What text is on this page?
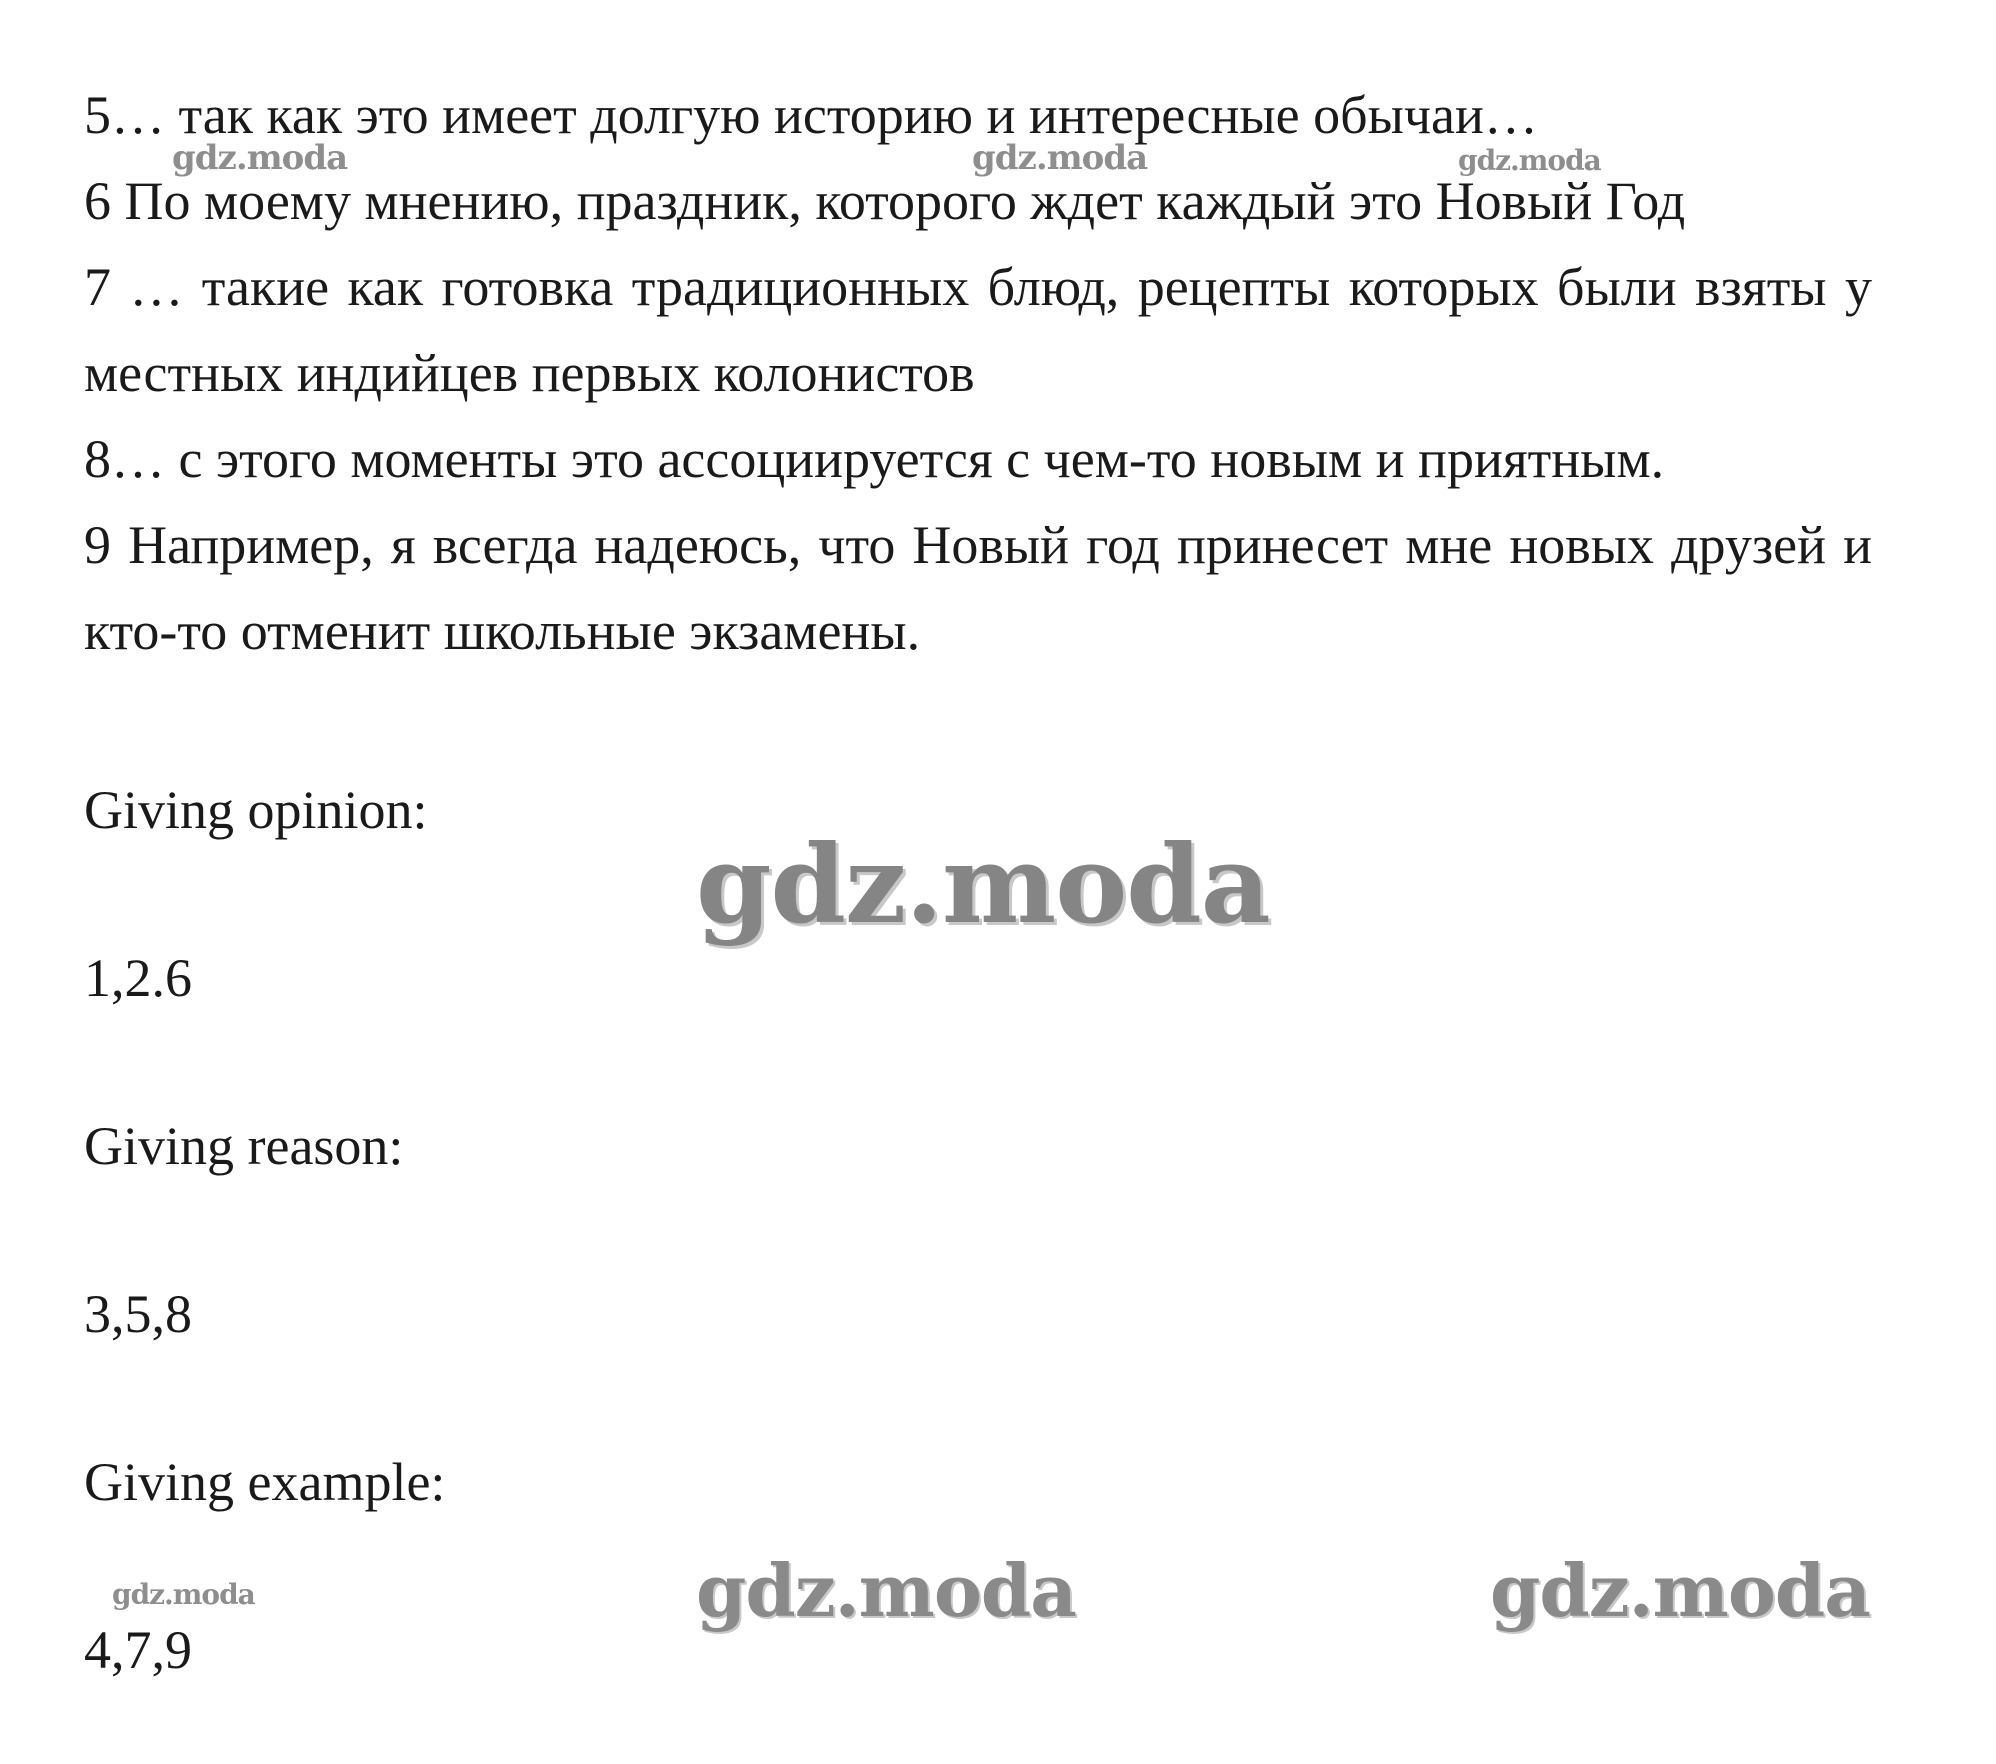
5… так как это имеет долгую историю и интересные обычаи…

6 По моему мнению, праздник, которого ждет каждый это Новый Год

7 … такие как готовка традиционных блюд, рецепты которых были взяты у местных индийцев первых колонистов

8… с этого моменты это ассоциируется с чем-то новым и приятным.

9 Например, я всегда надеюсь, что Новый год принесет мне новых друзей и кто-то отменит школьные экзамены.

Giving opinion:

1,2.6

Giving reason:

3,5,8

Giving example:

4,7,9

gdz.moda	gdz.moda	gdz.moda
gdz.moda
gdz.moda	gdz.moda	gdz.moda
